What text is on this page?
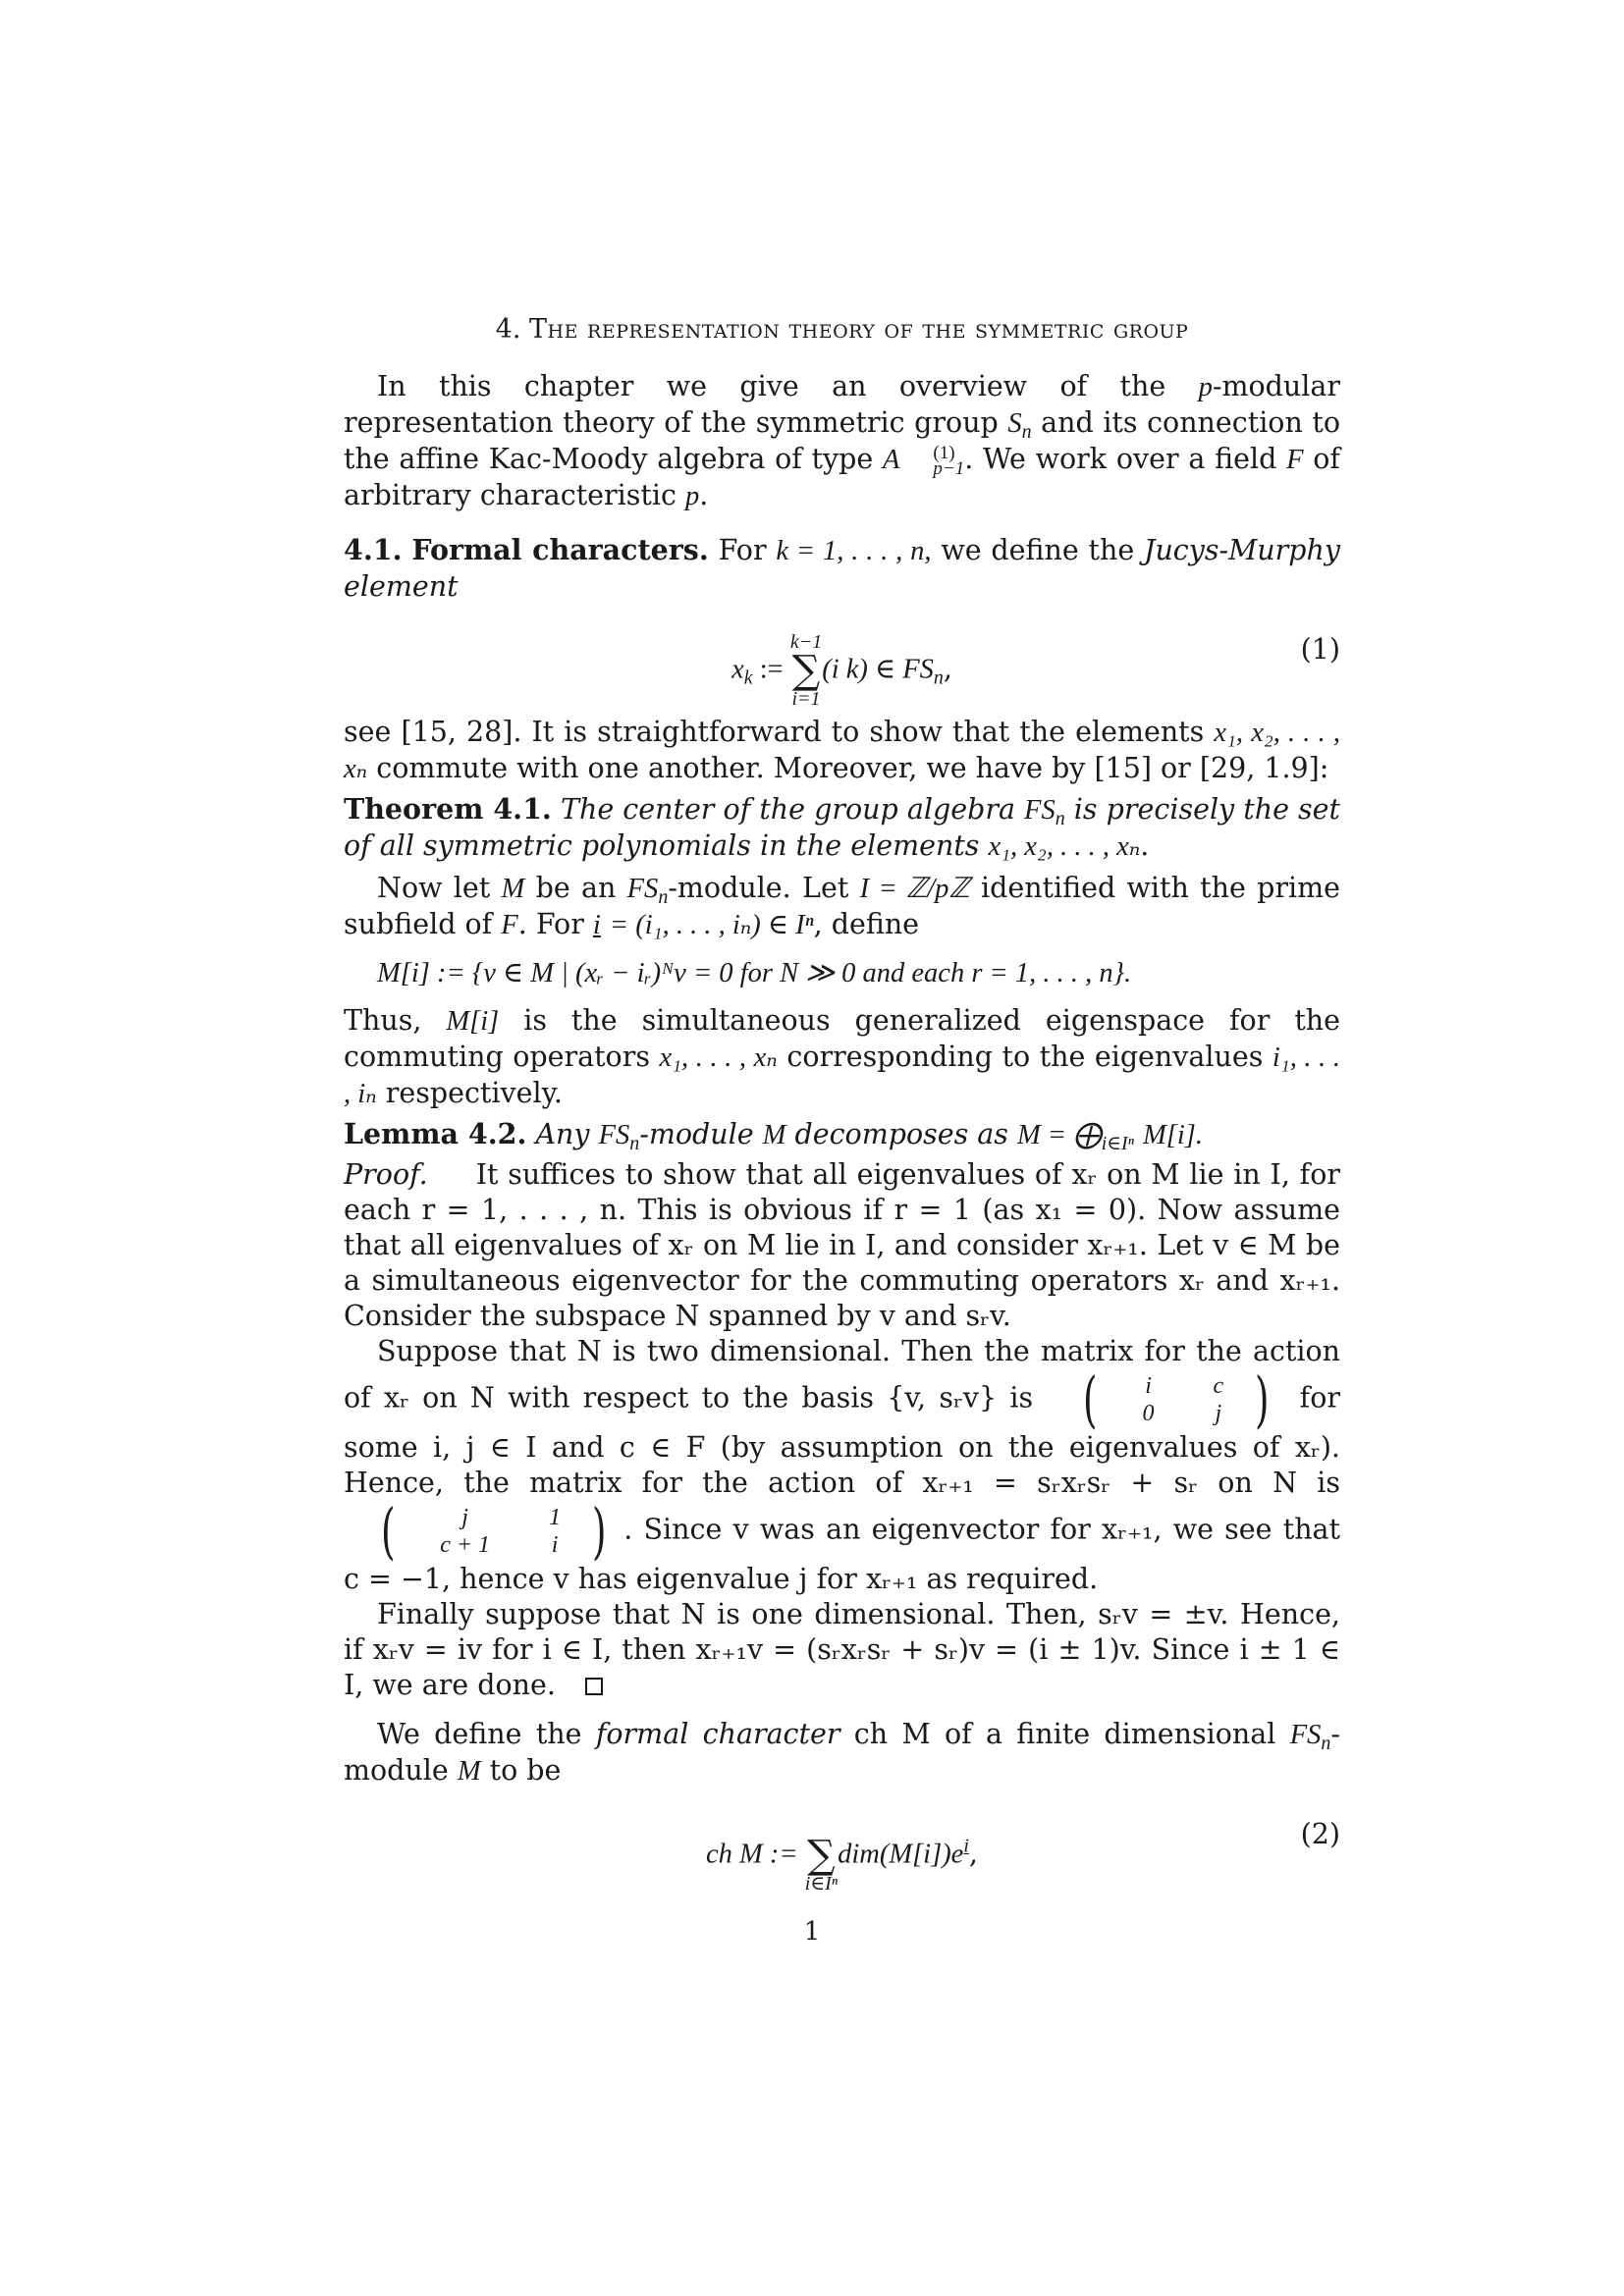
4. The representation theory of the symmetric group

In this chapter we give an overview of the p-modular representation theory of the symmetric group $S_n$ and its connection to the affine Kac-Moody algebra of type A	(1)
p−1 . We work over a field F of arbitrary characteristic p.

4.1. Formal characters. For k = 1, . . . , n, we define the Jucys-Murphy element

$x_k$ :=
k−1
∑
i=1
(i k) ∈ $FS_n$,
(1)

see [15, 28]. It is straightforward to show that the elements x₁, x₂, . . . , xₙ commute with one another. Moreover, we have by [15] or [29, 1.9]:

Theorem 4.1. The center of the group algebra $FS_n$ is precisely the set of all symmetric polynomials in the elements x₁, x₂, . . . , xₙ.

Now let M be an $FS_n$-module. Let I = ℤ/pℤ identified with the prime subfield of F. For i = (i₁, . . . , iₙ) ∈ Iⁿ, define

M[i] := {v ∈ M | (xᵣ − iᵣ)ᴺv = 0 for N ≫ 0 and each r = 1, . . . , n}.

Thus, M[i] is the simultaneous generalized eigenspace for the commuting operators x₁, . . . , xₙ corresponding to the eigenvalues i₁, . . . , iₙ respectively.

Lemma 4.2. Any $FS_n$-module M decomposes as $M = ⨁_{i\in I^n}$ M[i].

Proof. It suffices to show that all eigenvalues of xᵣ on M lie in I, for each r = 1, . . . , n. This is obvious if r = 1 (as x₁ = 0). Now assume that all eigenvalues of xᵣ on M lie in I, and consider xᵣ₊₁. Let v ∈ M be a simultaneous eigenvector for the commuting operators xᵣ and xᵣ₊₁. Consider the subspace N spanned by v and sᵣv.

Suppose that N is two dimensional. Then the matrix for the action of xᵣ on N with respect to the basis {v, sᵣv} is (	i	c
0	j ) for some i, j ∈ I and c ∈ F (by assumption on the eigenvalues of xᵣ). Hence, the matrix for the action of xᵣ₊₁ = sᵣxᵣsᵣ + sᵣ on N is
(	j	1
c + 1	i ) . Since v was an eigenvector for xᵣ₊₁, we see that c = −1, hence v has eigenvalue j for xᵣ₊₁ as required.

Finally suppose that N is one dimensional. Then, sᵣv = ±v. Hence, if xᵣv = iv for i ∈ I, then xᵣ₊₁v = (sᵣxᵣsᵣ + sᵣ)v = (i ± 1)v. Since i ± 1 ∈ I, we are done.

We define the formal character ch M of a finite dimensional $FS_n$-module M to be

ch M :=
∑
i∈Iⁿ
$dim(M[i])e^i$,
(2)
1
